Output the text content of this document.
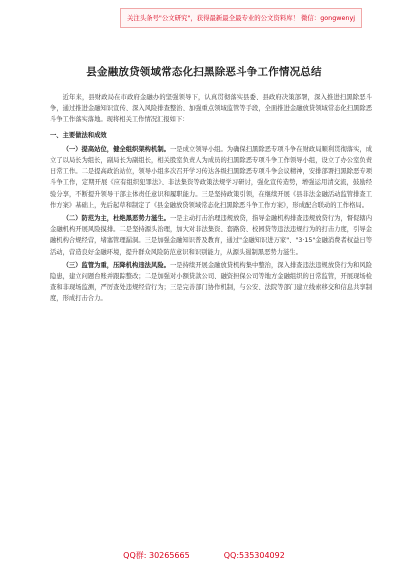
关注头条号"公文研究"，获得最新最全最专业的公文资料库！ 微信：gongwenyj
县金融放贷领域常态化扫黑除恶斗争工作情况总结

近年来，县财政局在市政府金融办的坚强领导下，认真贯彻落实县委、县政府决策部署，深入推进扫黑除恶斗争，通过推进金融知识宣传、深入风险排查整治、加强重点领域监管等手段，全面推进金融放贷领域常态化扫黑除恶斗争工作落实落地。现将相关工作情况汇报如下：

一、主要做法和成效

（一）提高站位，健全组织架构机制。一是成立领导小组。为确保扫黑除恶专项斗争在财政局顺利贯彻落实，成立了以局长为组长，副局长为副组长，相关股室负责人为成员的扫黑除恶专项斗争工作领导小组，设立了办公室负责日常工作。二是提高政治站位，领导小组多次召开学习传达各级扫黑除恶专项斗争会议精神，安排部署扫黑除恶专项斗争工作，定期开展《应有组织犯罪法》、非法集资等政策法规学习研讨，强化宣传造势，增强运用清交流，鼓励经验分享，不断提升领导干部主体责任意识和履职能力。三是坚持政策引领，在继续开展《县非法金融活动监管排查工作方案》基础上，先后起草和制定了《县金融放贷领域常态化扫黑除恶斗争工作方案》，形成配合联动的工作格局。

（二）防范为主，杜绝黑恶势力滋生。一是主动打击治理违规放贷，指导金融机构排查违规放贷行为，督促辖内金融机构开展风险摸排。二是坚持源头治理，加大对非法集资、套路贷、校园贷等违法违规行为的打击力度，引导金融机构合规经营，堵塞管理漏洞。三是加强金融知识普及教育，通过"金融知识进万家"、"3·15"金融消费者权益日等活动，营造良好金融环境，提升群众风险防范意识和识别能力，从源头遏制黑恶势力滋生。

（三）监管为重，压降机构违法风险。一是持续开展金融放贷机构集中整治，深入排查违法违规放贷行为和风险隐患，建立问题台账并跟踪整改；二是加强对小额贷款公司、融资担保公司等地方金融组织的日常监管，开展现场检查和非现场监测，严厉查处违规经营行为；三是完善部门协作机制，与公安、法院等部门建立线索移交和信息共享制度，形成打击合力。

QQ群: 30265665	QQ:535304092
